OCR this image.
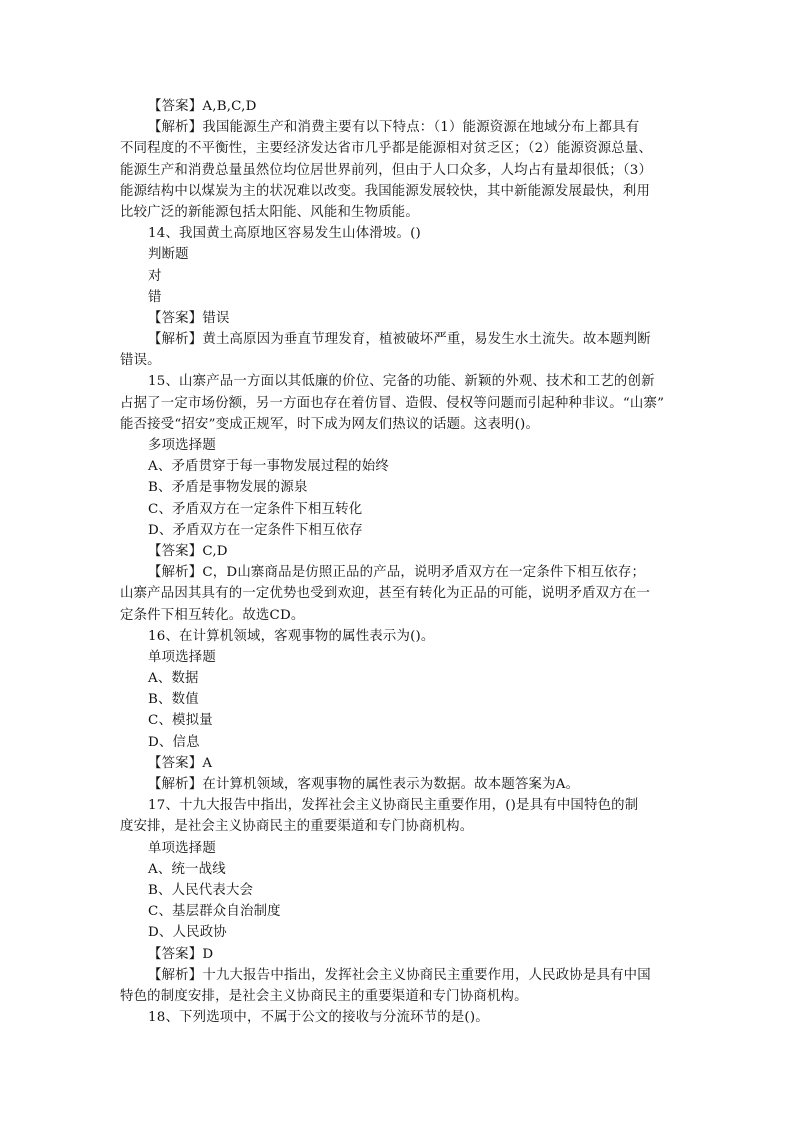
【答案】A,B,C,D
【解析】我国能源生产和消费主要有以下特点：（1）能源资源在地域分布上都具有
不同程度的不平衡性，主要经济发达省市几乎都是能源相对贫乏区；（2）能源资源总量、
能源生产和消费总量虽然位均位居世界前列，但由于人口众多，人均占有量却很低；（3）
能源结构中以煤炭为主的状况难以改变。我国能源发展较快，其中新能源发展最快，利用
比较广泛的新能源包括太阳能、风能和生物质能。
14、我国黄土高原地区容易发生山体滑坡。()
判断题
对
错
【答案】错误
【解析】黄土高原因为垂直节理发育，植被破坏严重，易发生水土流失。故本题判断
错误。
15、山寨产品一方面以其低廉的价位、完备的功能、新颖的外观、技术和工艺的创新
占据了一定市场份额，另一方面也存在着仿冒、造假、侵权等问题而引起种种非议。“山寨”
能否接受“招安”变成正规军，时下成为网友们热议的话题。这表明()。
多项选择题
A、矛盾贯穿于每一事物发展过程的始终
B、矛盾是事物发展的源泉
C、矛盾双方在一定条件下相互转化
D、矛盾双方在一定条件下相互依存
【答案】C,D
【解析】C，D山寨商品是仿照正品的产品，说明矛盾双方在一定条件下相互依存；
山寨产品因其具有的一定优势也受到欢迎，甚至有转化为正品的可能，说明矛盾双方在一
定条件下相互转化。故选CD。
16、在计算机领域，客观事物的属性表示为()。
单项选择题
A、数据
B、数值
C、模拟量
D、信息
【答案】A
【解析】在计算机领域，客观事物的属性表示为数据。故本题答案为A。
17、十九大报告中指出，发挥社会主义协商民主重要作用，()是具有中国特色的制
度安排，是社会主义协商民主的重要渠道和专门协商机构。
单项选择题
A、统一战线
B、人民代表大会
C、基层群众自治制度
D、人民政协
【答案】D
【解析】十九大报告中指出，发挥社会主义协商民主重要作用，人民政协是具有中国
特色的制度安排，是社会主义协商民主的重要渠道和专门协商机构。
18、下列选项中，不属于公文的接收与分流环节的是()。
